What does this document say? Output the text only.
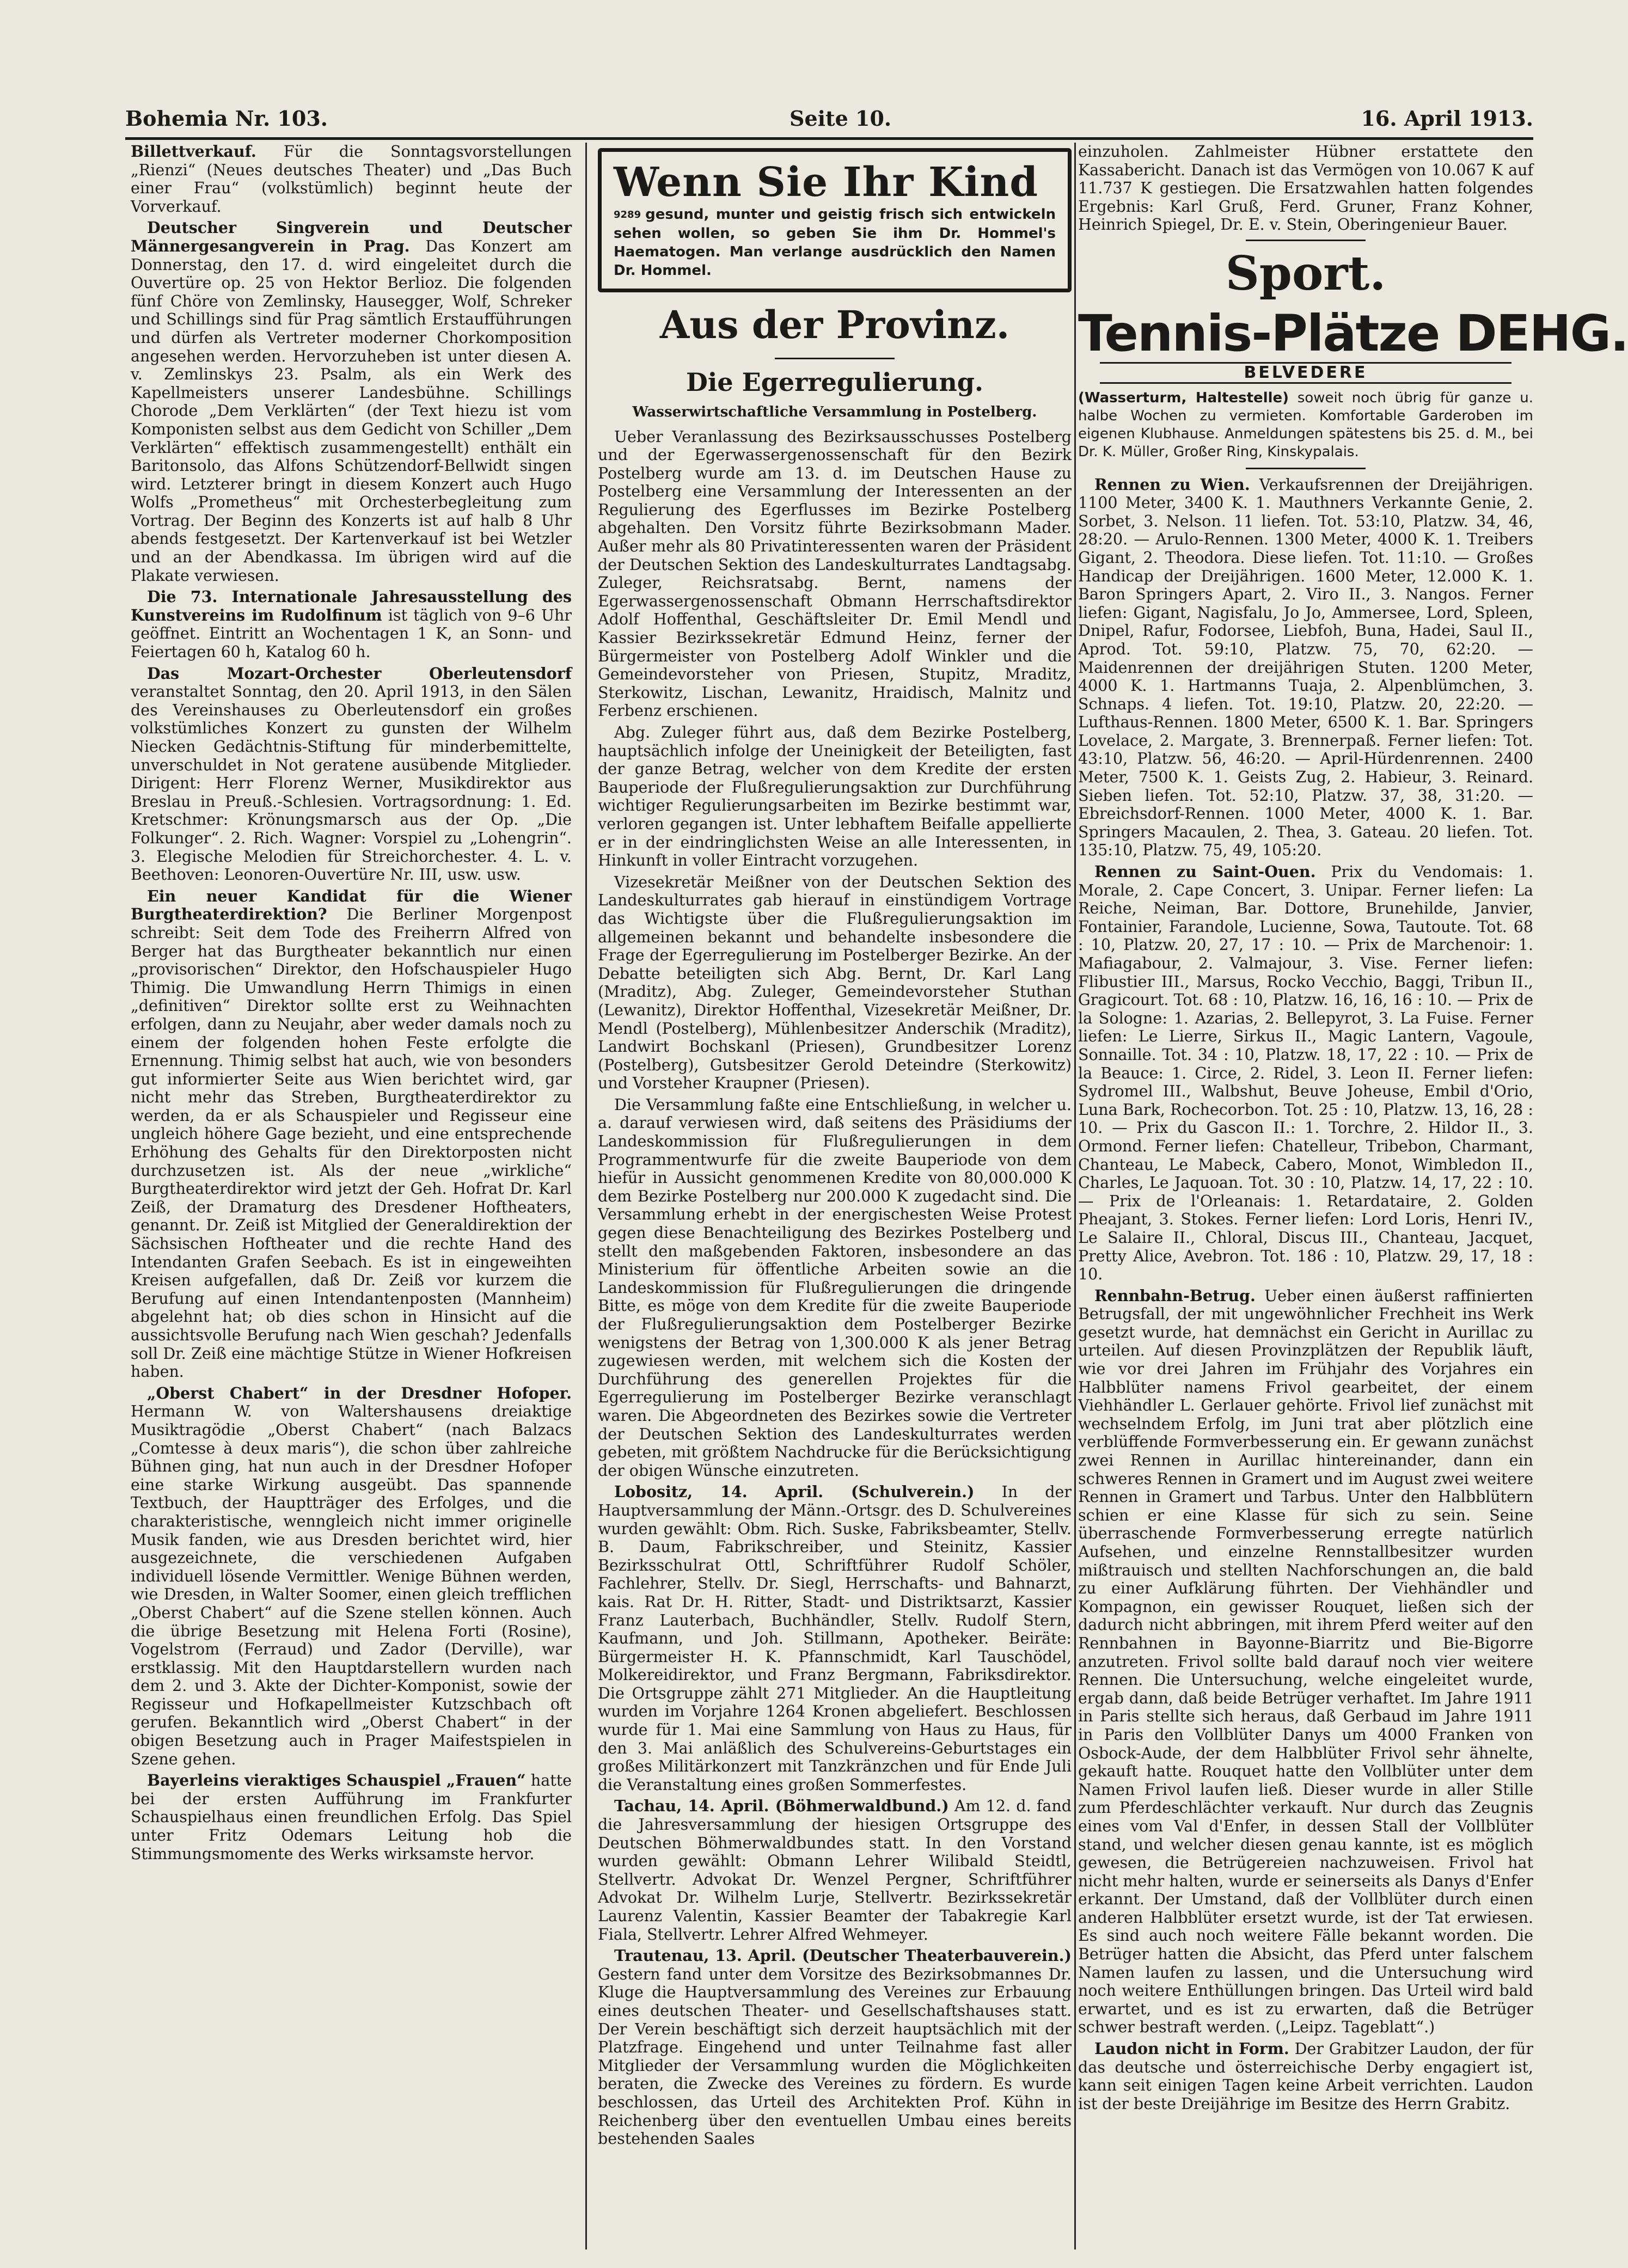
Bohemia Nr. 103.	Seite 10.	16. April 1913.

Billettverkauf. Für die Sonntagsvorstellungen „Rienzi“ (Neues deutsches Theater) und „Das Buch einer Frau“ (volkstümlich) beginnt heute der Vorverkauf.

Deutscher Singverein und Deutscher Männergesangverein in Prag. Das Konzert am Donnerstag, den 17. d. wird eingeleitet durch die Ouvertüre op. 25 von Hektor Berlioz. Die folgenden fünf Chöre von Zemlinsky, Hausegger, Wolf, Schreker und Schillings sind für Prag sämtlich Erstaufführungen und dürfen als Vertreter moderner Chorkomposition angesehen werden. Hervorzuheben ist unter diesen A. v. Zemlinskys 23. Psalm, als ein Werk des Kapellmeisters unserer Landesbühne. Schillings Chorode „Dem Verklärten“ (der Text hiezu ist vom Komponisten selbst aus dem Gedicht von Schiller „Dem Verklärten“ effektisch zusammengestellt) enthält ein Baritonsolo, das Alfons Schützendorf-Bellwidt singen wird. Letzterer bringt in diesem Konzert auch Hugo Wolfs „Prometheus“ mit Orchesterbegleitung zum Vortrag. Der Beginn des Konzerts ist auf halb 8 Uhr abends festgesetzt. Der Kartenverkauf ist bei Wetzler und an der Abendkassa. Im übrigen wird auf die Plakate verwiesen.

Die 73. Internationale Jahresausstellung des Kunstvereins im Rudolfinum ist täglich von 9–6 Uhr geöffnet. Eintritt an Wochentagen 1 K, an Sonn- und Feiertagen 60 h, Katalog 60 h.

Das Mozart-Orchester Oberleutensdorf veranstaltet Sonntag, den 20. April 1913, in den Sälen des Vereinshauses zu Oberleutensdorf ein großes volkstümliches Konzert zu gunsten der Wilhelm Niecken Gedächtnis-Stiftung für minderbemittelte, unverschuldet in Not geratene ausübende Mitglieder. Dirigent: Herr Florenz Werner, Musikdirektor aus Breslau in Preuß.-Schlesien. Vortragsordnung: 1. Ed. Kretschmer: Krönungsmarsch aus der Op. „Die Folkunger“. 2. Rich. Wagner: Vorspiel zu „Lohengrin“. 3. Elegische Melodien für Streichorchester. 4. L. v. Beethoven: Leonoren-Ouvertüre Nr. III, usw. usw.

Ein neuer Kandidat für die Wiener Burgtheaterdirektion? Die Berliner Morgenpost schreibt: Seit dem Tode des Freiherrn Alfred von Berger hat das Burgtheater bekanntlich nur einen „provisorischen“ Direktor, den Hofschauspieler Hugo Thimig. Die Umwandlung Herrn Thimigs in einen „definitiven“ Direktor sollte erst zu Weihnachten erfolgen, dann zu Neujahr, aber weder damals noch zu einem der folgenden hohen Feste erfolgte die Ernennung. Thimig selbst hat auch, wie von besonders gut informierter Seite aus Wien berichtet wird, gar nicht mehr das Streben, Burgtheaterdirektor zu werden, da er als Schauspieler und Regisseur eine ungleich höhere Gage bezieht, und eine entsprechende Erhöhung des Gehalts für den Direktorposten nicht durchzusetzen ist. Als der neue „wirkliche“ Burgtheaterdirektor wird jetzt der Geh. Hofrat Dr. Karl Zeiß, der Dramaturg des Dresdener Hoftheaters, genannt. Dr. Zeiß ist Mitglied der Generaldirektion der Sächsischen Hoftheater und die rechte Hand des Intendanten Grafen Seebach. Es ist in eingeweihten Kreisen aufgefallen, daß Dr. Zeiß vor kurzem die Berufung auf einen Intendantenposten (Mannheim) abgelehnt hat; ob dies schon in Hinsicht auf die aussichtsvolle Berufung nach Wien geschah? Jedenfalls soll Dr. Zeiß eine mächtige Stütze in Wiener Hofkreisen haben.

„Oberst Chabert“ in der Dresdner Hofoper. Hermann W. von Waltershausens dreiaktige Musiktragödie „Oberst Chabert“ (nach Balzacs „Comtesse à deux maris“), die schon über zahlreiche Bühnen ging, hat nun auch in der Dresdner Hofoper eine starke Wirkung ausgeübt. Das spannende Textbuch, der Hauptträger des Erfolges, und die charakteristische, wenngleich nicht immer originelle Musik fanden, wie aus Dresden berichtet wird, hier ausgezeichnete, die verschiedenen Aufgaben individuell lösende Vermittler. Wenige Bühnen werden, wie Dresden, in Walter Soomer, einen gleich trefflichen „Oberst Chabert“ auf die Szene stellen können. Auch die übrige Besetzung mit Helena Forti (Rosine), Vogelstrom (Ferraud) und Zador (Derville), war erstklassig. Mit den Hauptdarstellern wurden nach dem 2. und 3. Akte der Dichter-Komponist, sowie der Regisseur und Hofkapellmeister Kutzschbach oft gerufen. Bekanntlich wird „Oberst Chabert“ in der obigen Besetzung auch in Prager Maifestspielen in Szene gehen.

Bayerleins vieraktiges Schauspiel „Frauen“ hatte bei der ersten Aufführung im Frankfurter Schauspielhaus einen freundlichen Erfolg. Das Spiel unter Fritz Odemars Leitung hob die Stimmungsmomente des Werks wirksamste hervor.

Wenn Sie Ihr Kind
9289 gesund, munter und geistig frisch sich entwickeln sehen wollen, so geben Sie ihm Dr. Hommel's Haematogen. Man verlange ausdrücklich den Namen Dr. Hommel.
Aus der Provinz.
Die Egerregulierung.
Wasserwirtschaftliche Versammlung in Postelberg.

Ueber Veranlassung des Bezirksausschusses Postelberg und der Egerwassergenossenschaft für den Bezirk Postelberg wurde am 13. d. im Deutschen Hause zu Postelberg eine Versammlung der Interessenten an der Regulierung des Egerflusses im Bezirke Postelberg abgehalten. Den Vorsitz führte Bezirksobmann Mader. Außer mehr als 80 Privatinteressenten waren der Präsident der Deutschen Sektion des Landeskulturrates Landtagsabg. Zuleger, Reichsratsabg. Bernt, namens der Egerwassergenossenschaft Obmann Herrschaftsdirektor Adolf Hoffenthal, Geschäftsleiter Dr. Emil Mendl und Kassier Bezirkssekretär Edmund Heinz, ferner der Bürgermeister von Postelberg Adolf Winkler und die Gemeindevorsteher von Priesen, Stupitz, Mraditz, Sterkowitz, Lischan, Lewanitz, Hraidisch, Malnitz und Ferbenz erschienen.

Abg. Zuleger führt aus, daß dem Bezirke Postelberg, hauptsächlich infolge der Uneinigkeit der Beteiligten, fast der ganze Betrag, welcher von dem Kredite der ersten Bauperiode der Flußregulierungsaktion zur Durchführung wichtiger Regulierungsarbeiten im Bezirke bestimmt war, verloren gegangen ist. Unter lebhaftem Beifalle appellierte er in der eindringlichsten Weise an alle Interessenten, in Hinkunft in voller Eintracht vorzugehen.

Vizesekretär Meißner von der Deutschen Sektion des Landeskulturrates gab hierauf in einstündigem Vortrage das Wichtigste über die Flußregulierungsaktion im allgemeinen bekannt und behandelte insbesondere die Frage der Egerregulierung im Postelberger Bezirke. An der Debatte beteiligten sich Abg. Bernt, Dr. Karl Lang (Mraditz), Abg. Zuleger, Gemeindevorsteher Stuthan (Lewanitz), Direktor Hoffenthal, Vizesekretär Meißner, Dr. Mendl (Postelberg), Mühlenbesitzer Anderschik (Mraditz), Landwirt Bochskanl (Priesen), Grundbesitzer Lorenz (Postelberg), Gutsbesitzer Gerold Deteindre (Sterkowitz) und Vorsteher Kraupner (Priesen).

Die Versammlung faßte eine Entschließung, in welcher u. a. darauf verwiesen wird, daß seitens des Präsidiums der Landeskommission für Flußregulierungen in dem Programmentwurfe für die zweite Bauperiode von dem hiefür in Aussicht genommenen Kredite von 80,000.000 K dem Bezirke Postelberg nur 200.000 K zugedacht sind. Die Versammlung erhebt in der energischesten Weise Protest gegen diese Benachteiligung des Bezirkes Postelberg und stellt den maßgebenden Faktoren, insbesondere an das Ministerium für öffentliche Arbeiten sowie an die Landeskommission für Flußregulierungen die dringende Bitte, es möge von dem Kredite für die zweite Bauperiode der Flußregulierungsaktion dem Postelberger Bezirke wenigstens der Betrag von 1,300.000 K als jener Betrag zugewiesen werden, mit welchem sich die Kosten der Durchführung des generellen Projektes für die Egerregulierung im Postelberger Bezirke veranschlagt waren. Die Abgeordneten des Bezirkes sowie die Vertreter der Deutschen Sektion des Landeskulturrates werden gebeten, mit größtem Nachdrucke für die Berücksichtigung der obigen Wünsche einzutreten.

Lobositz, 14. April. (Schulverein.) In der Hauptversammlung der Männ.-Ortsgr. des D. Schulvereines wurden gewählt: Obm. Rich. Suske, Fabriksbeamter, Stellv. B. Daum, Fabrikschreiber, und Steinitz, Kassier Bezirksschulrat Ottl, Schriftführer Rudolf Schöler, Fachlehrer, Stellv. Dr. Siegl, Herrschafts- und Bahnarzt, kais. Rat Dr. H. Ritter, Stadt- und Distriktsarzt, Kassier Franz Lauterbach, Buchhändler, Stellv. Rudolf Stern, Kaufmann, und Joh. Stillmann, Apotheker. Beiräte: Bürgermeister H. K. Pfannschmidt, Karl Tauschödel, Molkereidirektor, und Franz Bergmann, Fabriksdirektor. Die Ortsgruppe zählt 271 Mitglieder. An die Hauptleitung wurden im Vorjahre 1264 Kronen abgeliefert. Beschlossen wurde für 1. Mai eine Sammlung von Haus zu Haus, für den 3. Mai anläßlich des Schulvereins-Geburtstages ein großes Militärkonzert mit Tanzkränzchen und für Ende Juli die Veranstaltung eines großen Sommerfestes.

Tachau, 14. April. (Böhmerwaldbund.) Am 12. d. fand die Jahresversammlung der hiesigen Ortsgruppe des Deutschen Böhmerwaldbundes statt. In den Vorstand wurden gewählt: Obmann Lehrer Wilibald Steidtl, Stellvertr. Advokat Dr. Wenzel Pergner, Schriftführer Advokat Dr. Wilhelm Lurje, Stellvertr. Bezirkssekretär Laurenz Valentin, Kassier Beamter der Tabakregie Karl Fiala, Stellvertr. Lehrer Alfred Wehmeyer.

Trautenau, 13. April. (Deutscher Theaterbauverein.) Gestern fand unter dem Vorsitze des Bezirksobmannes Dr. Kluge die Hauptversammlung des Vereines zur Erbauung eines deutschen Theater- und Gesellschaftshauses statt. Der Verein beschäftigt sich derzeit hauptsächlich mit der Platzfrage. Eingehend und unter Teilnahme fast aller Mitglieder der Versammlung wurden die Möglichkeiten beraten, die Zwecke des Vereines zu fördern. Es wurde beschlossen, das Urteil des Architekten Prof. Kühn in Reichenberg über den eventuellen Umbau eines bereits bestehenden Saales

einzuholen. Zahlmeister Hübner erstattete den Kassabericht. Danach ist das Vermögen von 10.067 K auf 11.737 K gestiegen. Die Ersatzwahlen hatten folgendes Ergebnis: Karl Gruß, Ferd. Gruner, Franz Kohner, Heinrich Spiegel, Dr. E. v. Stein, Oberingenieur Bauer.

Sport.
Tennis-Plätze DEHG.
BELVEDERE
(Wasserturm, Haltestelle) soweit noch übrig für ganze u. halbe Wochen zu vermieten. Komfortable Garderoben im eigenen Klubhause. Anmeldungen spätestens bis 25. d. M., bei Dr. K. Müller, Großer Ring, Kinskypalais.

Rennen zu Wien. Verkaufsrennen der Dreijährigen. 1100 Meter, 3400 K. 1. Mauthners Verkannte Genie, 2. Sorbet, 3. Nelson. 11 liefen. Tot. 53:10, Platzw. 34, 46, 28:20. — Arulo-Rennen. 1300 Meter, 4000 K. 1. Treibers Gigant, 2. Theodora. Diese liefen. Tot. 11:10. — Großes Handicap der Dreijährigen. 1600 Meter, 12.000 K. 1. Baron Springers Apart, 2. Viro II., 3. Nangos. Ferner liefen: Gigant, Nagisfalu, Jo Jo, Ammersee, Lord, Spleen, Dnipel, Rafur, Fodorsee, Liebfoh, Buna, Hadei, Saul II., Aprod. Tot. 59:10, Platzw. 75, 70, 62:20. — Maidenrennen der dreijährigen Stuten. 1200 Meter, 4000 K. 1. Hartmanns Tuaja, 2. Alpenblümchen, 3. Schnaps. 4 liefen. Tot. 19:10, Platzw. 20, 22:20. — Lufthaus-Rennen. 1800 Meter, 6500 K. 1. Bar. Springers Lovelace, 2. Margate, 3. Brennerpaß. Ferner liefen: Tot. 43:10, Platzw. 56, 46:20. — April-Hürdenrennen. 2400 Meter, 7500 K. 1. Geists Zug, 2. Habieur, 3. Reinard. Sieben liefen. Tot. 52:10, Platzw. 37, 38, 31:20. — Ebreichsdorf-Rennen. 1000 Meter, 4000 K. 1. Bar. Springers Macaulen, 2. Thea, 3. Gateau. 20 liefen. Tot. 135:10, Platzw. 75, 49, 105:20.

Rennen zu Saint-Ouen. Prix du Vendomais: 1. Morale, 2. Cape Concert, 3. Unipar. Ferner liefen: La Reiche, Neiman, Bar. Dottore, Brunehilde, Janvier, Fontainier, Farandole, Lucienne, Sowa, Tautoute. Tot. 68 : 10, Platzw. 20, 27, 17 : 10. — Prix de Marchenoir: 1. Mafiagabour, 2. Valmajour, 3. Vise. Ferner liefen: Flibustier III., Marsus, Rocko Vecchio, Baggi, Tribun II., Gragicourt. Tot. 68 : 10, Platzw. 16, 16, 16 : 10. — Prix de la Sologne: 1. Azarias, 2. Bellepyrot, 3. La Fuise. Ferner liefen: Le Lierre, Sirkus II., Magic Lantern, Vagoule, Sonnaille. Tot. 34 : 10, Platzw. 18, 17, 22 : 10. — Prix de la Beauce: 1. Circe, 2. Ridel, 3. Leon II. Ferner liefen: Sydromel III., Walbshut, Beuve Joheuse, Embil d'Orio, Luna Bark, Rochecorbon. Tot. 25 : 10, Platzw. 13, 16, 28 : 10. — Prix du Gascon II.: 1. Torchre, 2. Hildor II., 3. Ormond. Ferner liefen: Chatelleur, Tribebon, Charmant, Chanteau, Le Mabeck, Cabero, Monot, Wimbledon II., Charles, Le Jaquoan. Tot. 30 : 10, Platzw. 14, 17, 22 : 10. — Prix de l'Orleanais: 1. Retardataire, 2. Golden Pheajant, 3. Stokes. Ferner liefen: Lord Loris, Henri IV., Le Salaire II., Chloral, Discus III., Chanteau, Jacquet, Pretty Alice, Avebron. Tot. 186 : 10, Platzw. 29, 17, 18 : 10.

Rennbahn-Betrug. Ueber einen äußerst raffinierten Betrugsfall, der mit ungewöhnlicher Frechheit ins Werk gesetzt wurde, hat demnächst ein Gericht in Aurillac zu urteilen. Auf diesen Provinzplätzen der Republik läuft, wie vor drei Jahren im Frühjahr des Vorjahres ein Halbblüter namens Frivol gearbeitet, der einem Viehhändler L. Gerlauer gehörte. Frivol lief zunächst mit wechselndem Erfolg, im Juni trat aber plötzlich eine verblüffende Formverbesserung ein. Er gewann zunächst zwei Rennen in Aurillac hintereinander, dann ein schweres Rennen in Gramert und im August zwei weitere Rennen in Gramert und Tarbus. Unter den Halbblütern schien er eine Klasse für sich zu sein. Seine überraschende Formverbesserung erregte natürlich Aufsehen, und einzelne Rennstallbesitzer wurden mißtrauisch und stellten Nachforschungen an, die bald zu einer Aufklärung führten. Der Viehhändler und Kompagnon, ein gewisser Rouquet, ließen sich der dadurch nicht abbringen, mit ihrem Pferd weiter auf den Rennbahnen in Bayonne-Biarritz und Bie-Bigorre anzutreten. Frivol sollte bald darauf noch vier weitere Rennen. Die Untersuchung, welche eingeleitet wurde, ergab dann, daß beide Betrüger verhaftet. Im Jahre 1911 in Paris stellte sich heraus, daß Gerbaud im Jahre 1911 in Paris den Vollblüter Danys um 4000 Franken von Osbock-Aude, der dem Halbblüter Frivol sehr ähnelte, gekauft hatte. Rouquet hatte den Vollblüter unter dem Namen Frivol laufen ließ. Dieser wurde in aller Stille zum Pferdeschlächter verkauft. Nur durch das Zeugnis eines vom Val d'Enfer, in dessen Stall der Vollblüter stand, und welcher diesen genau kannte, ist es möglich gewesen, die Betrügereien nachzuweisen. Frivol hat nicht mehr halten, wurde er seinerseits als Danys d'Enfer erkannt. Der Umstand, daß der Vollblüter durch einen anderen Halbblüter ersetzt wurde, ist der Tat erwiesen. Es sind auch noch weitere Fälle bekannt worden. Die Betrüger hatten die Absicht, das Pferd unter falschem Namen laufen zu lassen, und die Untersuchung wird noch weitere Enthüllungen bringen. Das Urteil wird bald erwartet, und es ist zu erwarten, daß die Betrüger schwer bestraft werden. („Leipz. Tageblatt“.)

Laudon nicht in Form. Der Grabitzer Laudon, der für das deutsche und österreichische Derby engagiert ist, kann seit einigen Tagen keine Arbeit verrichten. Laudon ist der beste Dreijährige im Besitze des Herrn Grabitz.
